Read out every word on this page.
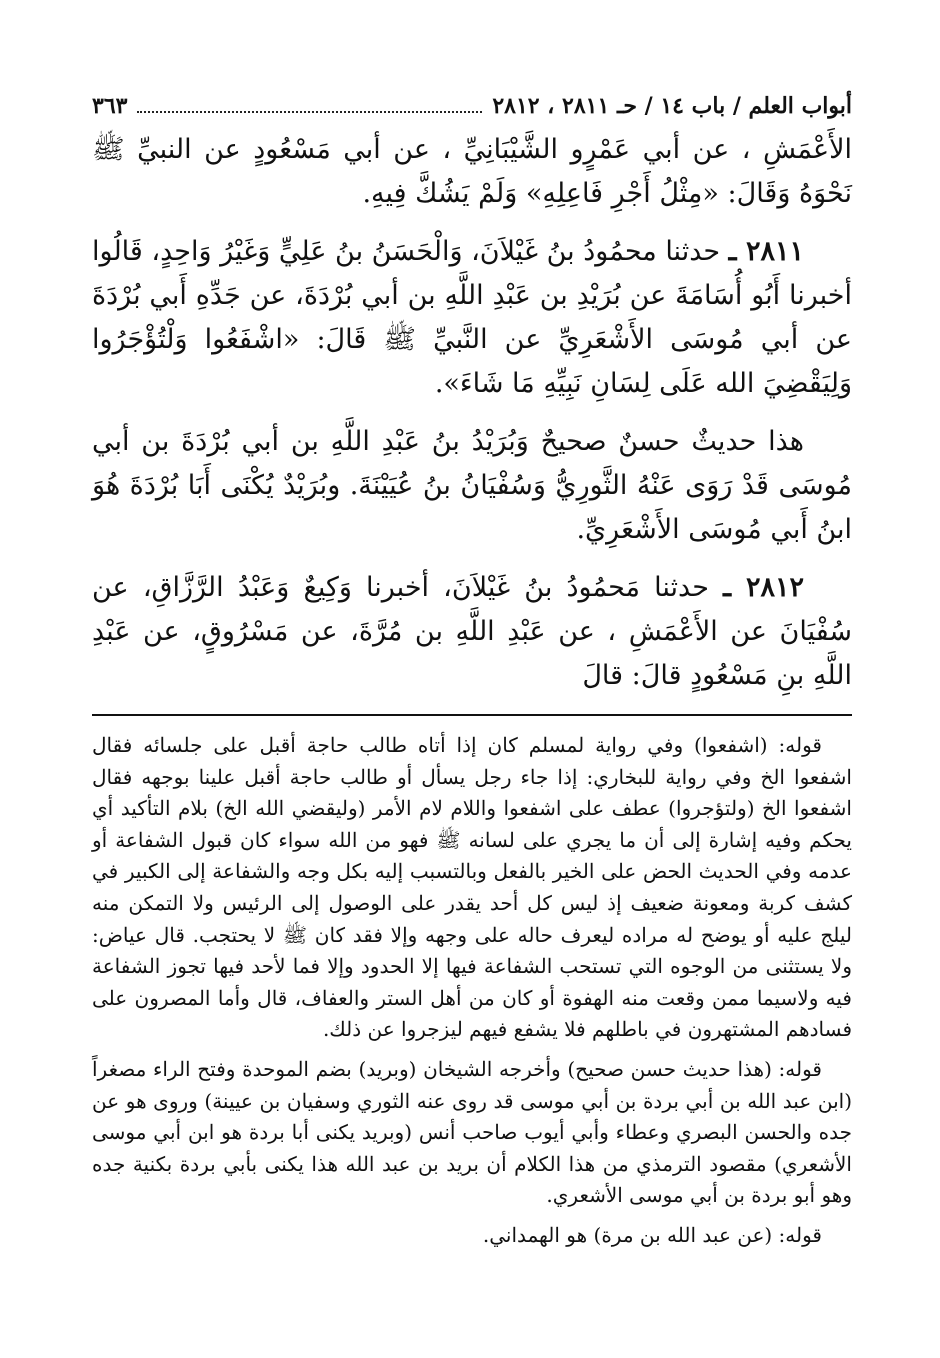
أبواب العلم / باب ١٤ / حـ ٢٨١١ ، ٢٨١٢
٣٦٣

الأَعْمَشِ ، عن أبي عَمْرٍو الشَّيْبَانِيِّ ، عن أبي مَسْعُودٍ عن النبيِّ ﷺ نَحْوَهُ وَقَالَ: «مِثْلُ أَجْرِ فَاعِلِهِ» وَلَمْ يَشُكَّ فِيهِ.

٢٨١١ ـ حدثنا محمُودُ بنُ غَيْلاَنَ، وَالْحَسَنُ بنُ عَلِيٍّ وَغَيْرُ وَاحِدٍ، قَالُوا أخبرنا أَبُو أُسَامَةَ عن بُرَيْدِ بن عَبْدِ اللَّهِ بن أبي بُرْدَةَ، عن جَدِّهِ أَبي بُرْدَةَ عن أبي مُوسَى الأَشْعَرِيِّ عن النَّبيِّ ﷺ قَالَ: «اشْفَعُوا وَلْتُؤْجَرُوا وَلِيَقْضِيَ الله عَلَى لِسَانِ نَبِيِّهِ مَا شَاءَ».

هذا حديثٌ حسنٌ صحيحٌ وَبُرَيْدُ بنُ عَبْدِ اللَّهِ بن أبي بُرْدَةَ بن أبي مُوسَى قَدْ رَوَى عَنْهُ الثَّورِيُّ وَسُفْيَانُ بنُ عُيَيْنَةَ. وبُرَيْدٌ يُكْنَى أَبَا بُرْدَةَ هُوَ ابنُ أَبي مُوسَى الأَشْعَرِيِّ.

٢٨١٢ ـ حدثنا مَحمُودُ بنُ غَيْلاَنَ، أخبرنا وَكِيعٌ وَعَبْدُ الرَّزَّاقِ، عن سُفْيَانَ عن الأَعْمَشِ ، عن عَبْدِ اللَّهِ بن مُرَّةَ، عن مَسْرُوقٍ، عن عَبْدِ اللَّهِ بنِ مَسْعُودٍ قالَ: قالَ

قوله: (اشفعوا) وفي رواية لمسلم كان إذا أتاه طالب حاجة أقبل على جلسائه فقال اشفعوا الخ وفي رواية للبخاري: إذا جاء رجل يسأل أو طالب حاجة أقبل علينا بوجهه فقال اشفعوا الخ (ولتؤجروا) عطف على اشفعوا واللام لام الأمر (وليقضي الله الخ) بلام التأكيد أي يحكم وفيه إشارة إلى أن ما يجري على لسانه ﷺ فهو من الله سواء كان قبول الشفاعة أو عدمه وفي الحديث الحض على الخير بالفعل وبالتسبب إليه بكل وجه والشفاعة إلى الكبير في كشف كربة ومعونة ضعيف إذ ليس كل أحد يقدر على الوصول إلى الرئيس ولا التمكن منه ليلج عليه أو يوضح له مراده ليعرف حاله على وجهه وإلا فقد كان ﷺ لا يحتجب. قال عياض: ولا يستثنى من الوجوه التي تستحب الشفاعة فيها إلا الحدود وإلا فما لأحد فيها تجوز الشفاعة فيه ولاسيما ممن وقعت منه الهفوة أو كان من أهل الستر والعفاف، قال وأما المصرون على فسادهم المشتهرون في باطلهم فلا يشفع فيهم ليزجروا عن ذلك.

قوله: (هذا حديث حسن صحيح) وأخرجه الشيخان (وبريد) بضم الموحدة وفتح الراء مصغراً (ابن عبد الله بن أبي بردة بن أبي موسى قد روى عنه الثوري وسفيان بن عيينة) وروى هو عن جده والحسن البصري وعطاء وأبي أيوب صاحب أنس (وبريد يكنى أبا بردة هو ابن أبي موسى الأشعري) مقصود الترمذي من هذا الكلام أن بريد بن عبد الله هذا يكنى بأبي بردة بكنية جده وهو أبو بردة بن أبي موسى الأشعري.

قوله: (عن عبد الله بن مرة) هو الهمداني.
